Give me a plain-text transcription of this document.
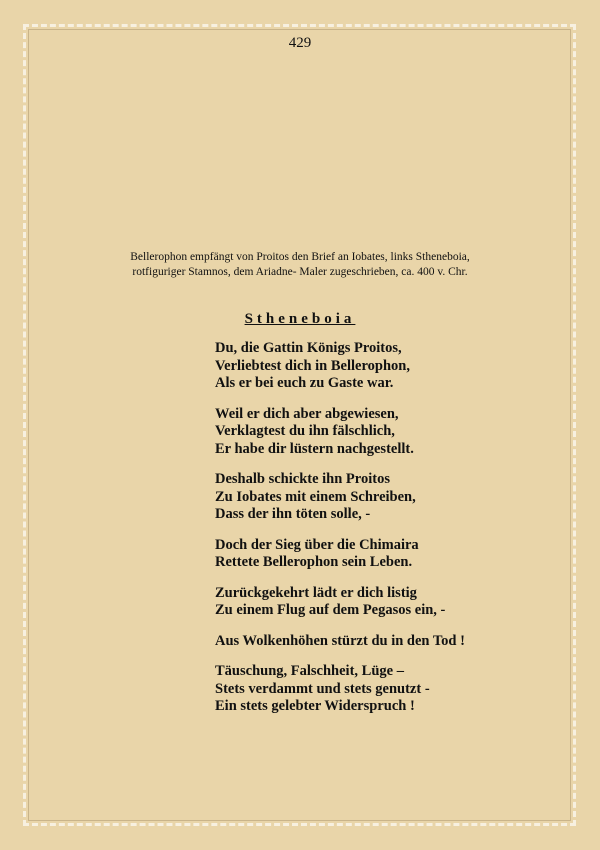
429
Bellerophon empfängt von Proitos den Brief an Iobates, links Stheneboia,
rotfiguriger Stamnos, dem Ariadne- Maler zugeschrieben, ca. 400 v. Chr.
Stheneboia
Du, die Gattin Königs Proitos,
Verliebtest dich in Bellerophon,
Als er bei euch zu Gaste war.
Weil er dich aber abgewiesen,
Verklagtest du ihn fälschlich,
Er habe dir lüstern nachgestellt.
Deshalb schickte ihn Proitos
Zu Iobates mit einem Schreiben,
Dass der ihn töten solle, -
Doch der Sieg über die Chimaira
Rettete Bellerophon sein Leben.
Zurückgekehrt lädt er dich listig
Zu einem Flug auf dem Pegasos ein, -
Aus Wolkenhöhen stürzt du in den Tod !
Täuschung, Falschheit, Lüge –
Stets verdammt und stets genutzt -
Ein stets gelebter Widerspruch !
